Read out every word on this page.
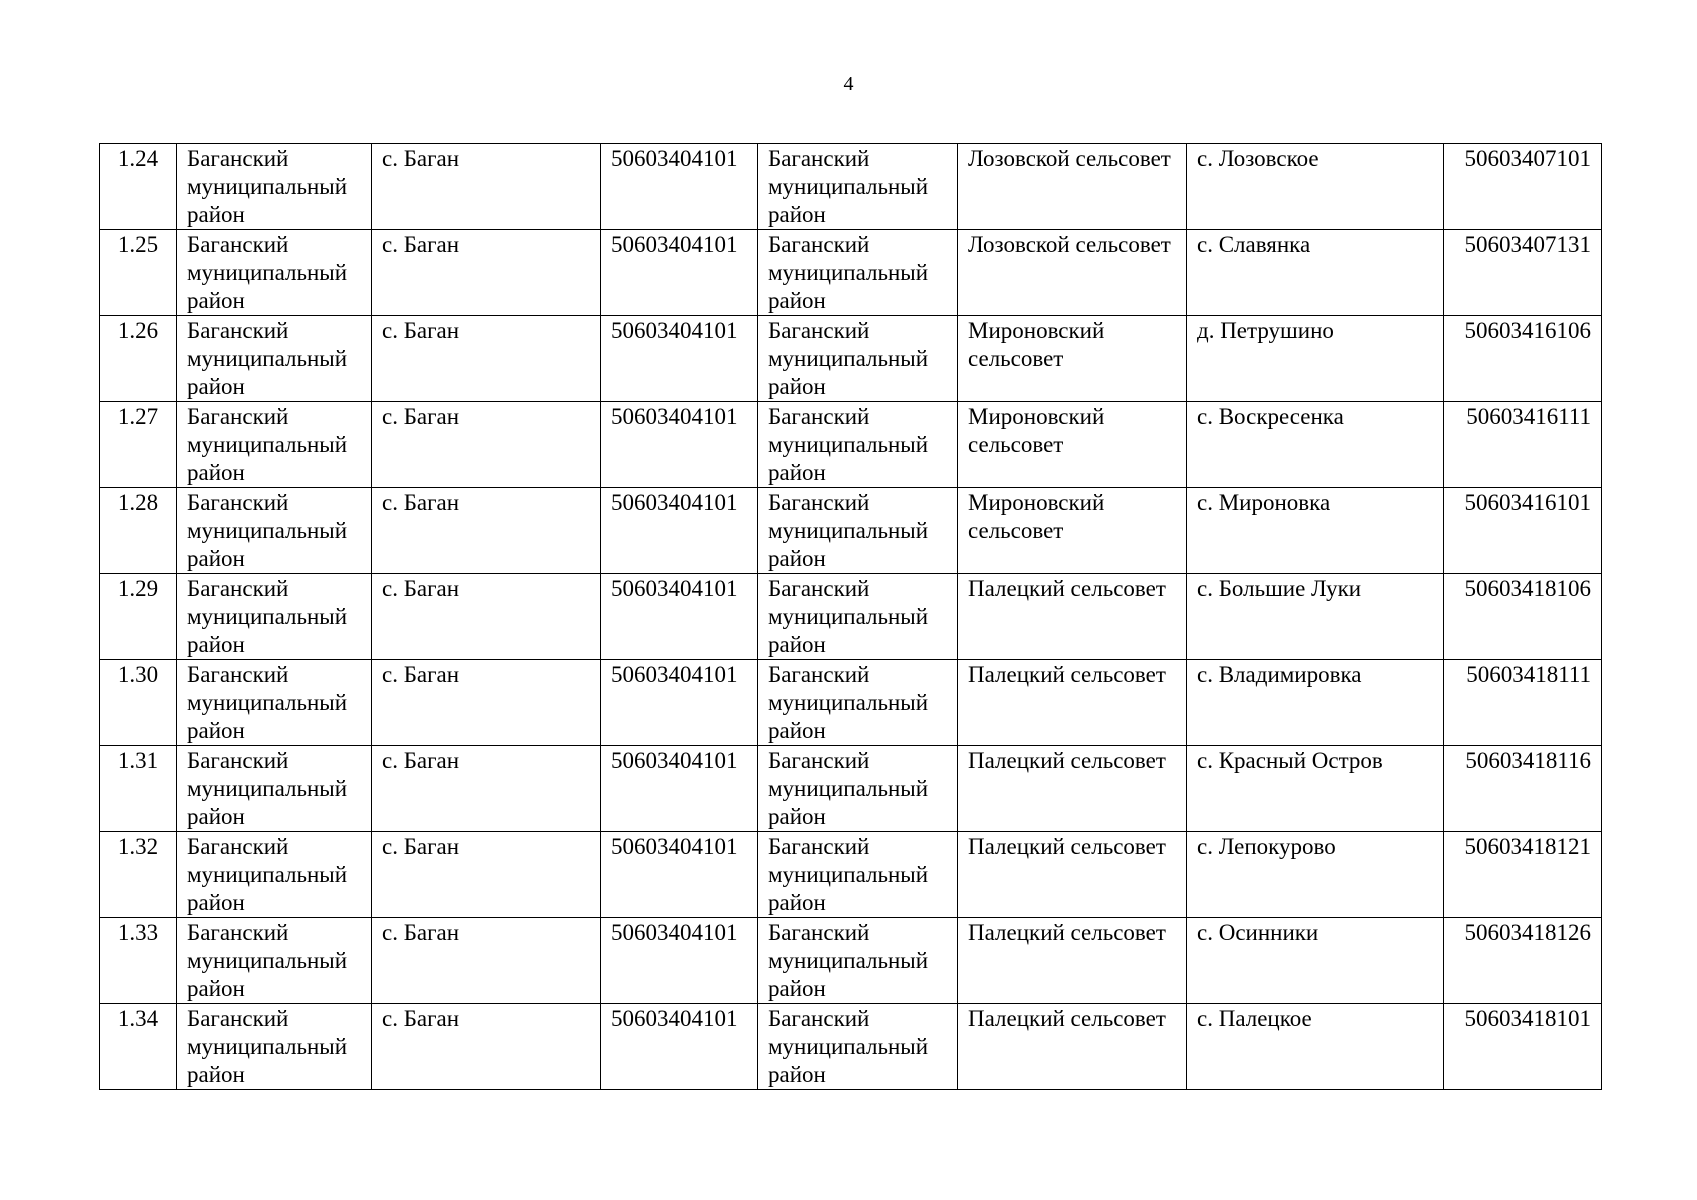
4
1.24	Баганский муниципальный район	с. Баган	50603404101	Баганский муниципальный район	Лозовской сельсовет	с. Лозовское	50603407101
1.25	Баганский муниципальный район	с. Баган	50603404101	Баганский муниципальный район	Лозовской сельсовет	с. Славянка	50603407131
1.26	Баганский муниципальный район	с. Баган	50603404101	Баганский муниципальный район	Мироновский сельсовет	д. Петрушино	50603416106
1.27	Баганский муниципальный район	с. Баган	50603404101	Баганский муниципальный район	Мироновский сельсовет	с. Воскресенка	50603416111
1.28	Баганский муниципальный район	с. Баган	50603404101	Баганский муниципальный район	Мироновский сельсовет	с. Мироновка	50603416101
1.29	Баганский муниципальный район	с. Баган	50603404101	Баганский муниципальный район	Палецкий сельсовет	с. Большие Луки	50603418106
1.30	Баганский муниципальный район	с. Баган	50603404101	Баганский муниципальный район	Палецкий сельсовет	с. Владимировка	50603418111
1.31	Баганский муниципальный район	с. Баган	50603404101	Баганский муниципальный район	Палецкий сельсовет	с. Красный Остров	50603418116
1.32	Баганский муниципальный район	с. Баган	50603404101	Баганский муниципальный район	Палецкий сельсовет	с. Лепокурово	50603418121
1.33	Баганский муниципальный район	с. Баган	50603404101	Баганский муниципальный район	Палецкий сельсовет	с. Осинники	50603418126
1.34	Баганский муниципальный район	с. Баган	50603404101	Баганский муниципальный район	Палецкий сельсовет	с. Палецкое	50603418101
